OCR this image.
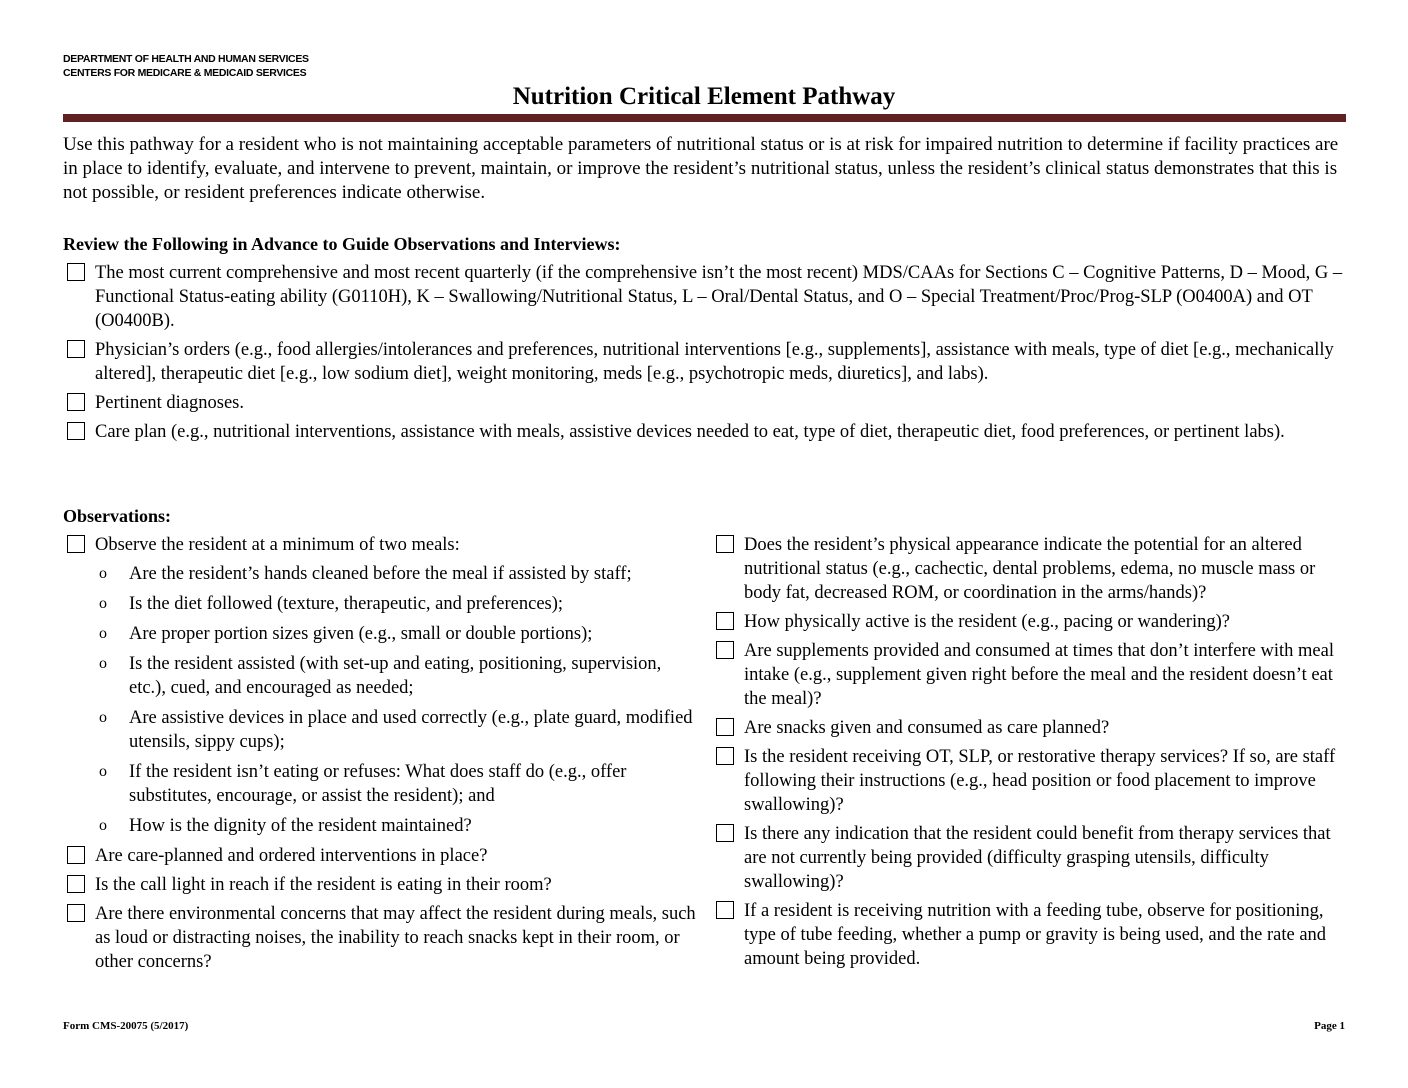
DEPARTMENT OF HEALTH AND HUMAN SERVICES
CENTERS FOR MEDICARE & MEDICAID SERVICES
Nutrition Critical Element Pathway
Use this pathway for a resident who is not maintaining acceptable parameters of nutritional status or is at risk for impaired nutrition to determine if facility practices are in place to identify, evaluate, and intervene to prevent, maintain, or improve the resident’s nutritional status, unless the resident’s clinical status demonstrates that this is not possible, or resident preferences indicate otherwise.
Review the Following in Advance to Guide Observations and Interviews:
The most current comprehensive and most recent quarterly (if the comprehensive isn’t the most recent) MDS/CAAs for Sections C – Cognitive Patterns, D – Mood, G – Functional Status-eating ability (G0110H), K – Swallowing/Nutritional Status, L – Oral/Dental Status, and O – Special Treatment/Proc/Prog-SLP (O0400A) and OT (O0400B).
Physician’s orders (e.g., food allergies/intolerances and preferences, nutritional interventions [e.g., supplements], assistance with meals, type of diet [e.g., mechanically altered], therapeutic diet [e.g., low sodium diet], weight monitoring, meds [e.g., psychotropic meds, diuretics], and labs).
Pertinent diagnoses.
Care plan (e.g., nutritional interventions, assistance with meals, assistive devices needed to eat, type of diet, therapeutic diet, food preferences, or pertinent labs).
Observations:
Observe the resident at a minimum of two meals:
o Are the resident’s hands cleaned before the meal if assisted by staff;
o Is the diet followed (texture, therapeutic, and preferences);
o Are proper portion sizes given (e.g., small or double portions);
o Is the resident assisted (with set-up and eating, positioning, supervision, etc.), cued, and encouraged as needed;
o Are assistive devices in place and used correctly (e.g., plate guard, modified utensils, sippy cups);
o If the resident isn’t eating or refuses: What does staff do (e.g., offer substitutes, encourage, or assist the resident); and
o How is the dignity of the resident maintained?
Are care-planned and ordered interventions in place?
Is the call light in reach if the resident is eating in their room?
Are there environmental concerns that may affect the resident during meals, such as loud or distracting noises, the inability to reach snacks kept in their room, or other concerns?
Does the resident’s physical appearance indicate the potential for an altered nutritional status (e.g., cachectic, dental problems, edema, no muscle mass or body fat, decreased ROM, or coordination in the arms/hands)?
How physically active is the resident (e.g., pacing or wandering)?
Are supplements provided and consumed at times that don’t interfere with meal intake (e.g., supplement given right before the meal and the resident doesn’t eat the meal)?
Are snacks given and consumed as care planned?
Is the resident receiving OT, SLP, or restorative therapy services? If so, are staff following their instructions (e.g., head position or food placement to improve swallowing)?
Is there any indication that the resident could benefit from therapy services that are not currently being provided (difficulty grasping utensils, difficulty swallowing)?
If a resident is receiving nutrition with a feeding tube, observe for positioning, type of tube feeding, whether a pump or gravity is being used, and the rate and amount being provided.
Form CMS-20075 (5/2017)	Page 1
